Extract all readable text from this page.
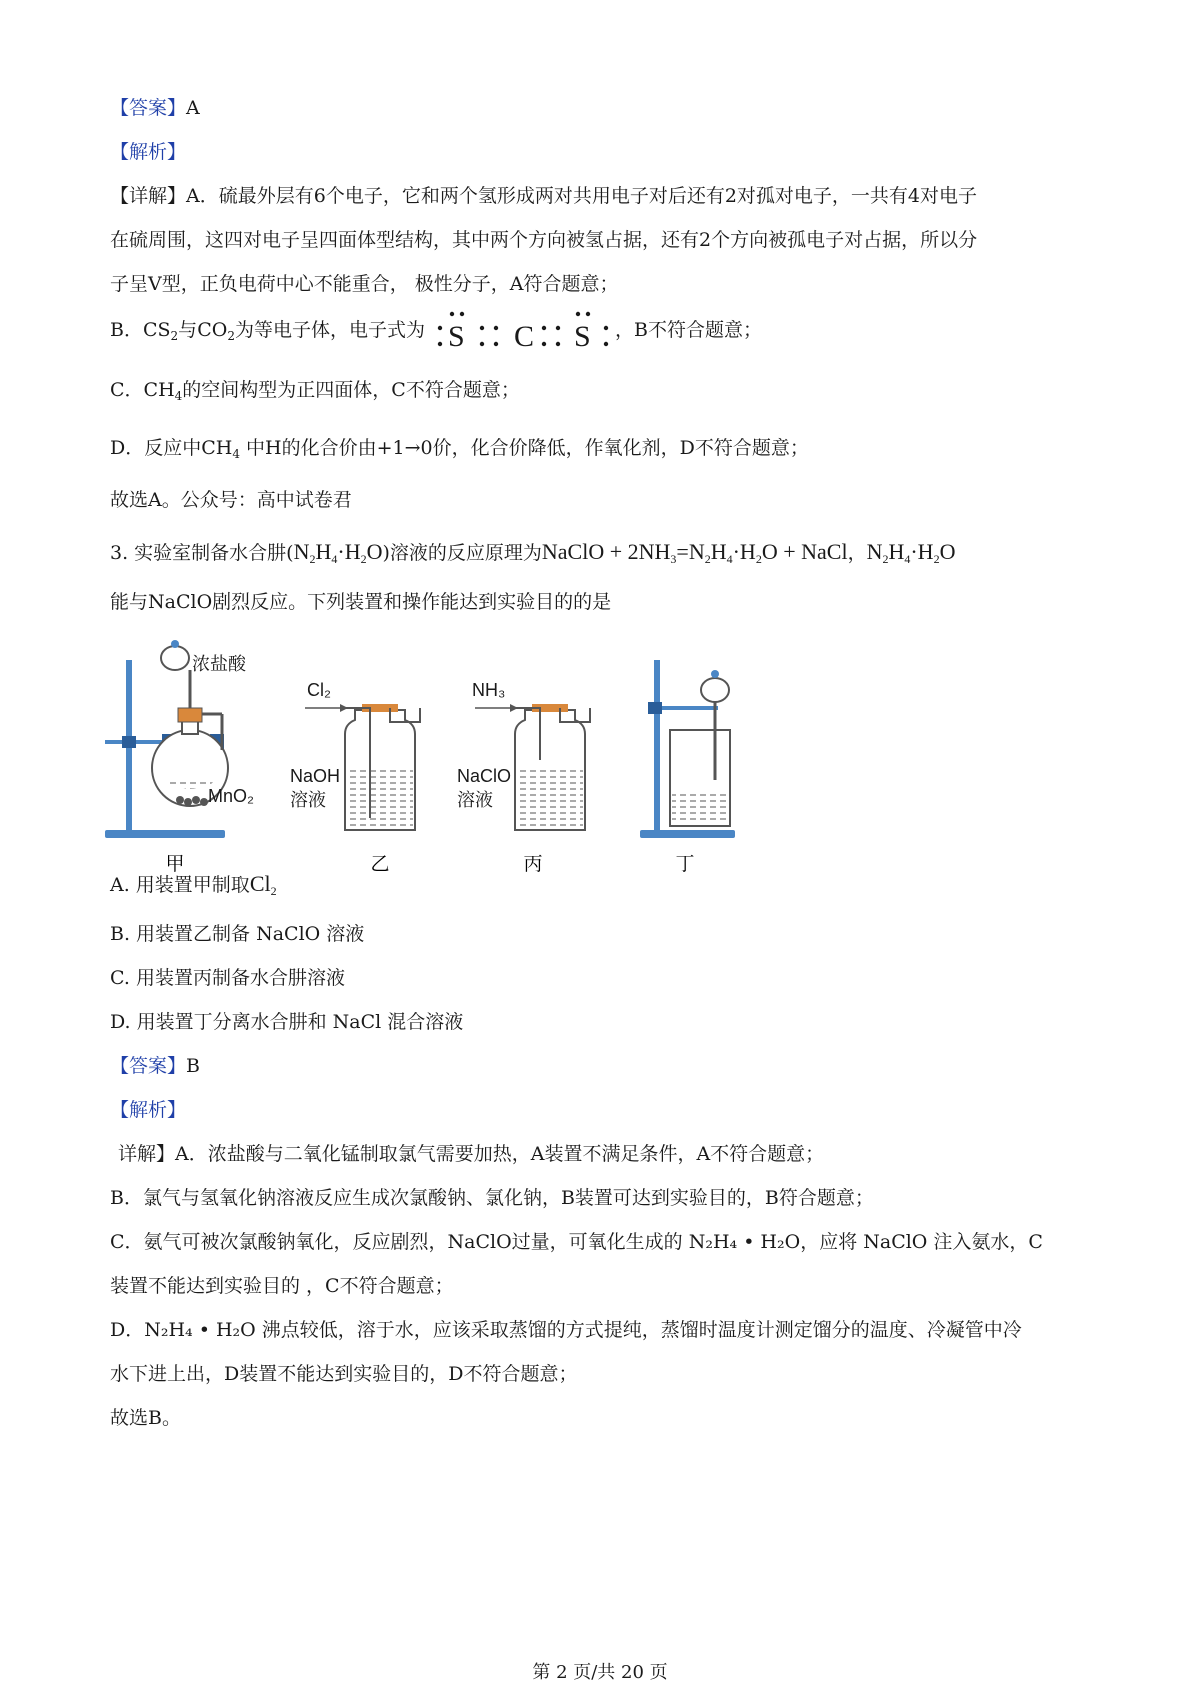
【答案】A
【解析】
【详解】A．硫最外层有6个电子，它和两个氢形成两对共用电子对后还有2对孤对电子，一共有4对电子
在硫周围，这四对电子呈四面体型结构，其中两个方向被氢占据，还有2个方向被孤电子对占据，所以分
子呈V型，正负电荷中心不能重合， 极性分子，A符合题意；
B．$CS_2$与$CO_2$为等电子体，电子式为 S C S ，B不符合题意；
C．$CH_4$的空间构型为正四面体，C不符合题意；
D．反应中$CH_4$ 中H的化合价由+1→0价，化合价降低，作氧化剂，D不符合题意；
故选A。公众号：高中试卷君
3. 实验室制备水合肼$(N_2H_4\cdot H_2O)$溶液的反应原理为NaClO + $2NH_3=N_2H_4\cdot H_2O$ + NaCl，$N_2H_4\cdot H_2O$
能与NaClO剧烈反应。下列装置和操作能达到实验目的的是
浓盐酸
MnO₂
Cl₂
NaOH
溶液
NH₃
NaClO
溶液
甲	乙	丙	丁
A. 用装置甲制取$Cl_2$
B. 用装置乙制备 NaClO 溶液
C. 用装置丙制备水合肼溶液
D. 用装置丁分离水合肼和 NaCl 混合溶液
【答案】B
【解析】
详解】A．浓盐酸与二氧化锰制取氯气需要加热，A装置不满足条件，A不符合题意；
B．氯气与氢氧化钠溶液反应生成次氯酸钠、氯化钠，B装置可达到实验目的，B符合题意；
C．氨气可被次氯酸钠氧化，反应剧烈，NaClO过量，可氧化生成的 N₂H₄ • H₂O，应将 NaClO 注入氨水，C
装置不能达到实验目的 ，C不符合题意；
D．N₂H₄ • H₂O 沸点较低，溶于水，应该采取蒸馏的方式提纯，蒸馏时温度计测定馏分的温度、冷凝管中冷
水下进上出，D装置不能达到实验目的，D不符合题意；
故选B。
第 2 页/共 20 页
